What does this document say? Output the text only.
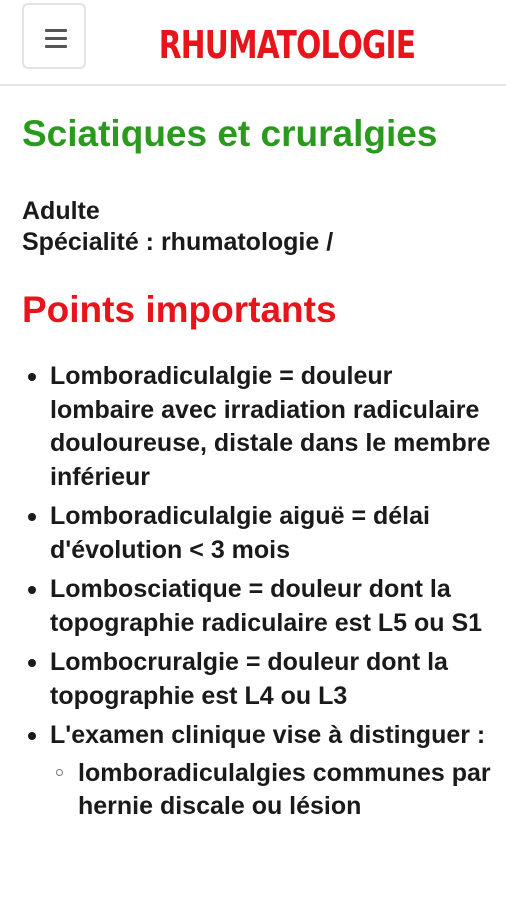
RHUMATOLOGIE
Sciatiques et cruralgies
Adulte
Spécialité : rhumatologie /
Points importants
Lomboradiculalgie = douleur lombaire avec irradiation radiculaire douloureuse, distale dans le membre inférieur
Lomboradiculalgie aiguë = délai d'évolution < 3 mois
Lombosciatique = douleur dont la topographie radiculaire est L5 ou S1
Lombocruralgie = douleur dont la topographie est L4 ou L3
L'examen clinique vise à distinguer :
lomboradiculalgies communes par hernie discale ou lésion
